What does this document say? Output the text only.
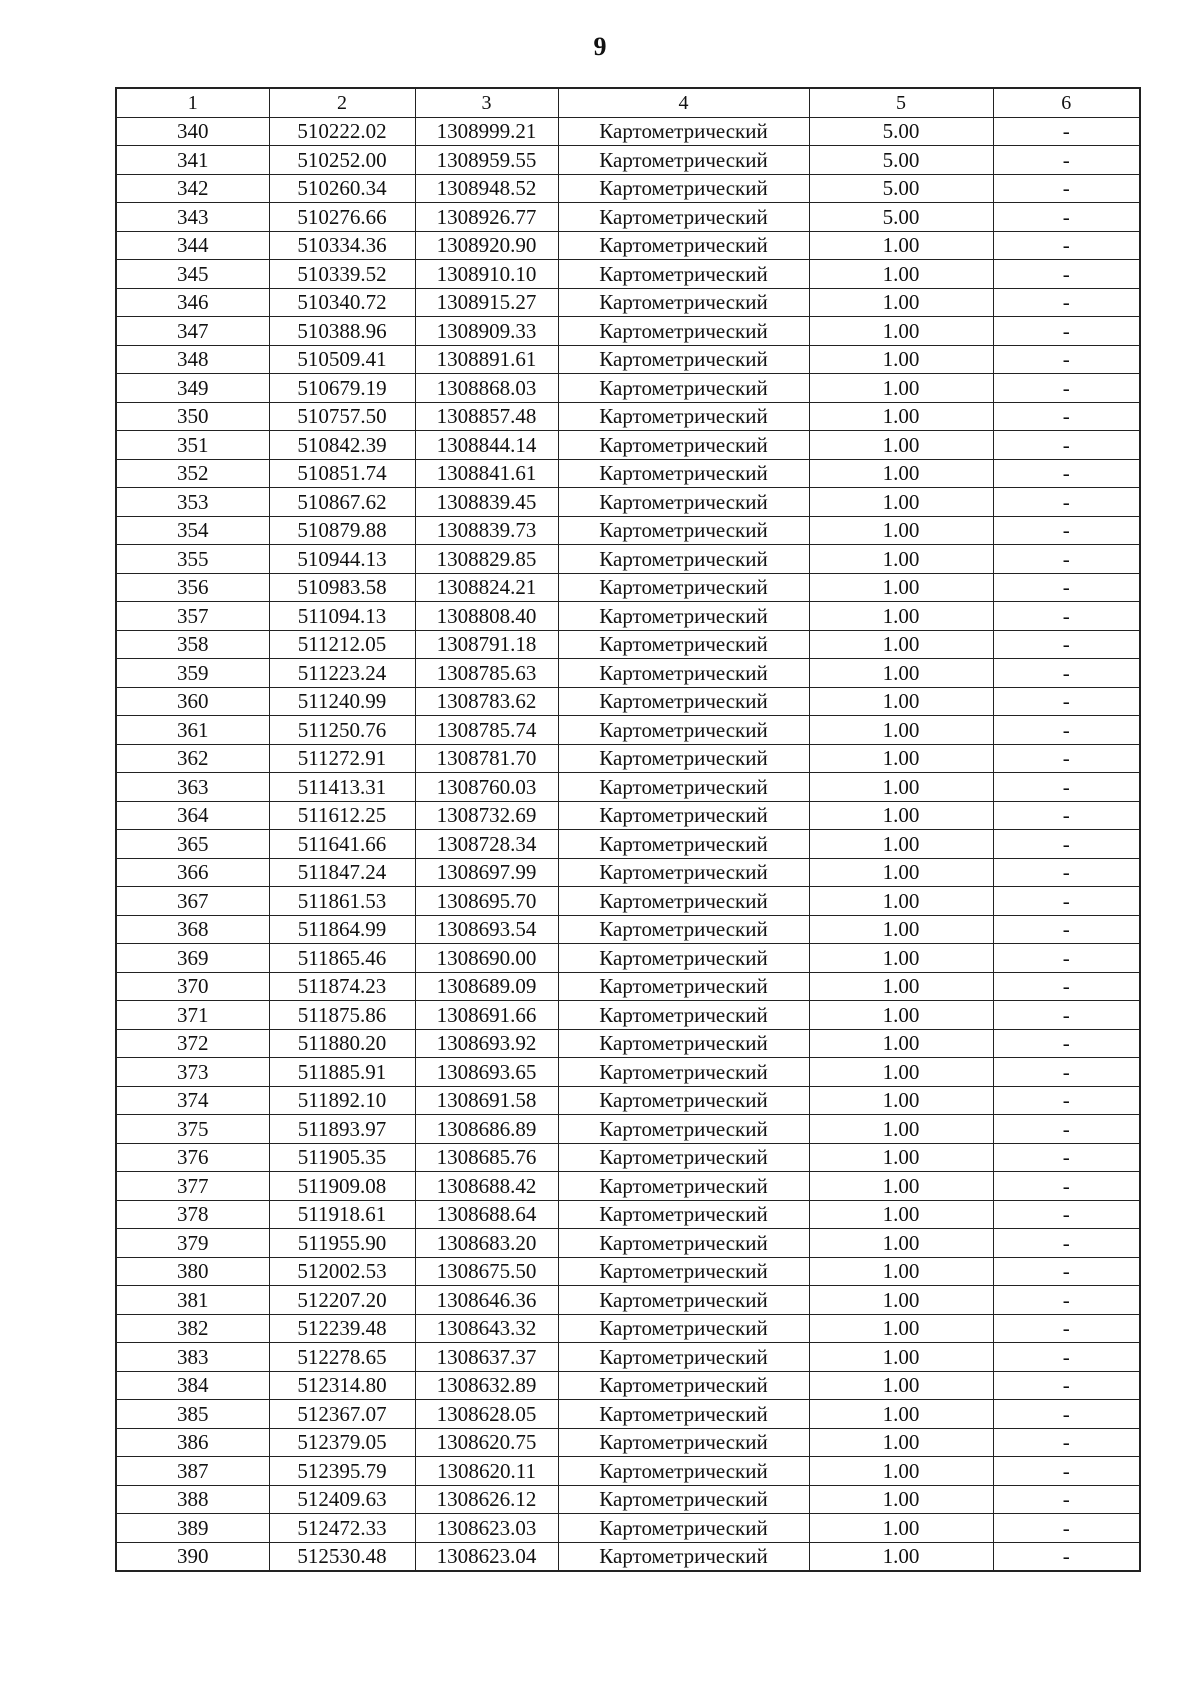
9
1	2	3	4	5	6
340	510222.02	1308999.21	Картометрический	5.00	-
341	510252.00	1308959.55	Картометрический	5.00	-
342	510260.34	1308948.52	Картометрический	5.00	-
343	510276.66	1308926.77	Картометрический	5.00	-
344	510334.36	1308920.90	Картометрический	1.00	-
345	510339.52	1308910.10	Картометрический	1.00	-
346	510340.72	1308915.27	Картометрический	1.00	-
347	510388.96	1308909.33	Картометрический	1.00	-
348	510509.41	1308891.61	Картометрический	1.00	-
349	510679.19	1308868.03	Картометрический	1.00	-
350	510757.50	1308857.48	Картометрический	1.00	-
351	510842.39	1308844.14	Картометрический	1.00	-
352	510851.74	1308841.61	Картометрический	1.00	-
353	510867.62	1308839.45	Картометрический	1.00	-
354	510879.88	1308839.73	Картометрический	1.00	-
355	510944.13	1308829.85	Картометрический	1.00	-
356	510983.58	1308824.21	Картометрический	1.00	-
357	511094.13	1308808.40	Картометрический	1.00	-
358	511212.05	1308791.18	Картометрический	1.00	-
359	511223.24	1308785.63	Картометрический	1.00	-
360	511240.99	1308783.62	Картометрический	1.00	-
361	511250.76	1308785.74	Картометрический	1.00	-
362	511272.91	1308781.70	Картометрический	1.00	-
363	511413.31	1308760.03	Картометрический	1.00	-
364	511612.25	1308732.69	Картометрический	1.00	-
365	511641.66	1308728.34	Картометрический	1.00	-
366	511847.24	1308697.99	Картометрический	1.00	-
367	511861.53	1308695.70	Картометрический	1.00	-
368	511864.99	1308693.54	Картометрический	1.00	-
369	511865.46	1308690.00	Картометрический	1.00	-
370	511874.23	1308689.09	Картометрический	1.00	-
371	511875.86	1308691.66	Картометрический	1.00	-
372	511880.20	1308693.92	Картометрический	1.00	-
373	511885.91	1308693.65	Картометрический	1.00	-
374	511892.10	1308691.58	Картометрический	1.00	-
375	511893.97	1308686.89	Картометрический	1.00	-
376	511905.35	1308685.76	Картометрический	1.00	-
377	511909.08	1308688.42	Картометрический	1.00	-
378	511918.61	1308688.64	Картометрический	1.00	-
379	511955.90	1308683.20	Картометрический	1.00	-
380	512002.53	1308675.50	Картометрический	1.00	-
381	512207.20	1308646.36	Картометрический	1.00	-
382	512239.48	1308643.32	Картометрический	1.00	-
383	512278.65	1308637.37	Картометрический	1.00	-
384	512314.80	1308632.89	Картометрический	1.00	-
385	512367.07	1308628.05	Картометрический	1.00	-
386	512379.05	1308620.75	Картометрический	1.00	-
387	512395.79	1308620.11	Картометрический	1.00	-
388	512409.63	1308626.12	Картометрический	1.00	-
389	512472.33	1308623.03	Картометрический	1.00	-
390	512530.48	1308623.04	Картометрический	1.00	-
